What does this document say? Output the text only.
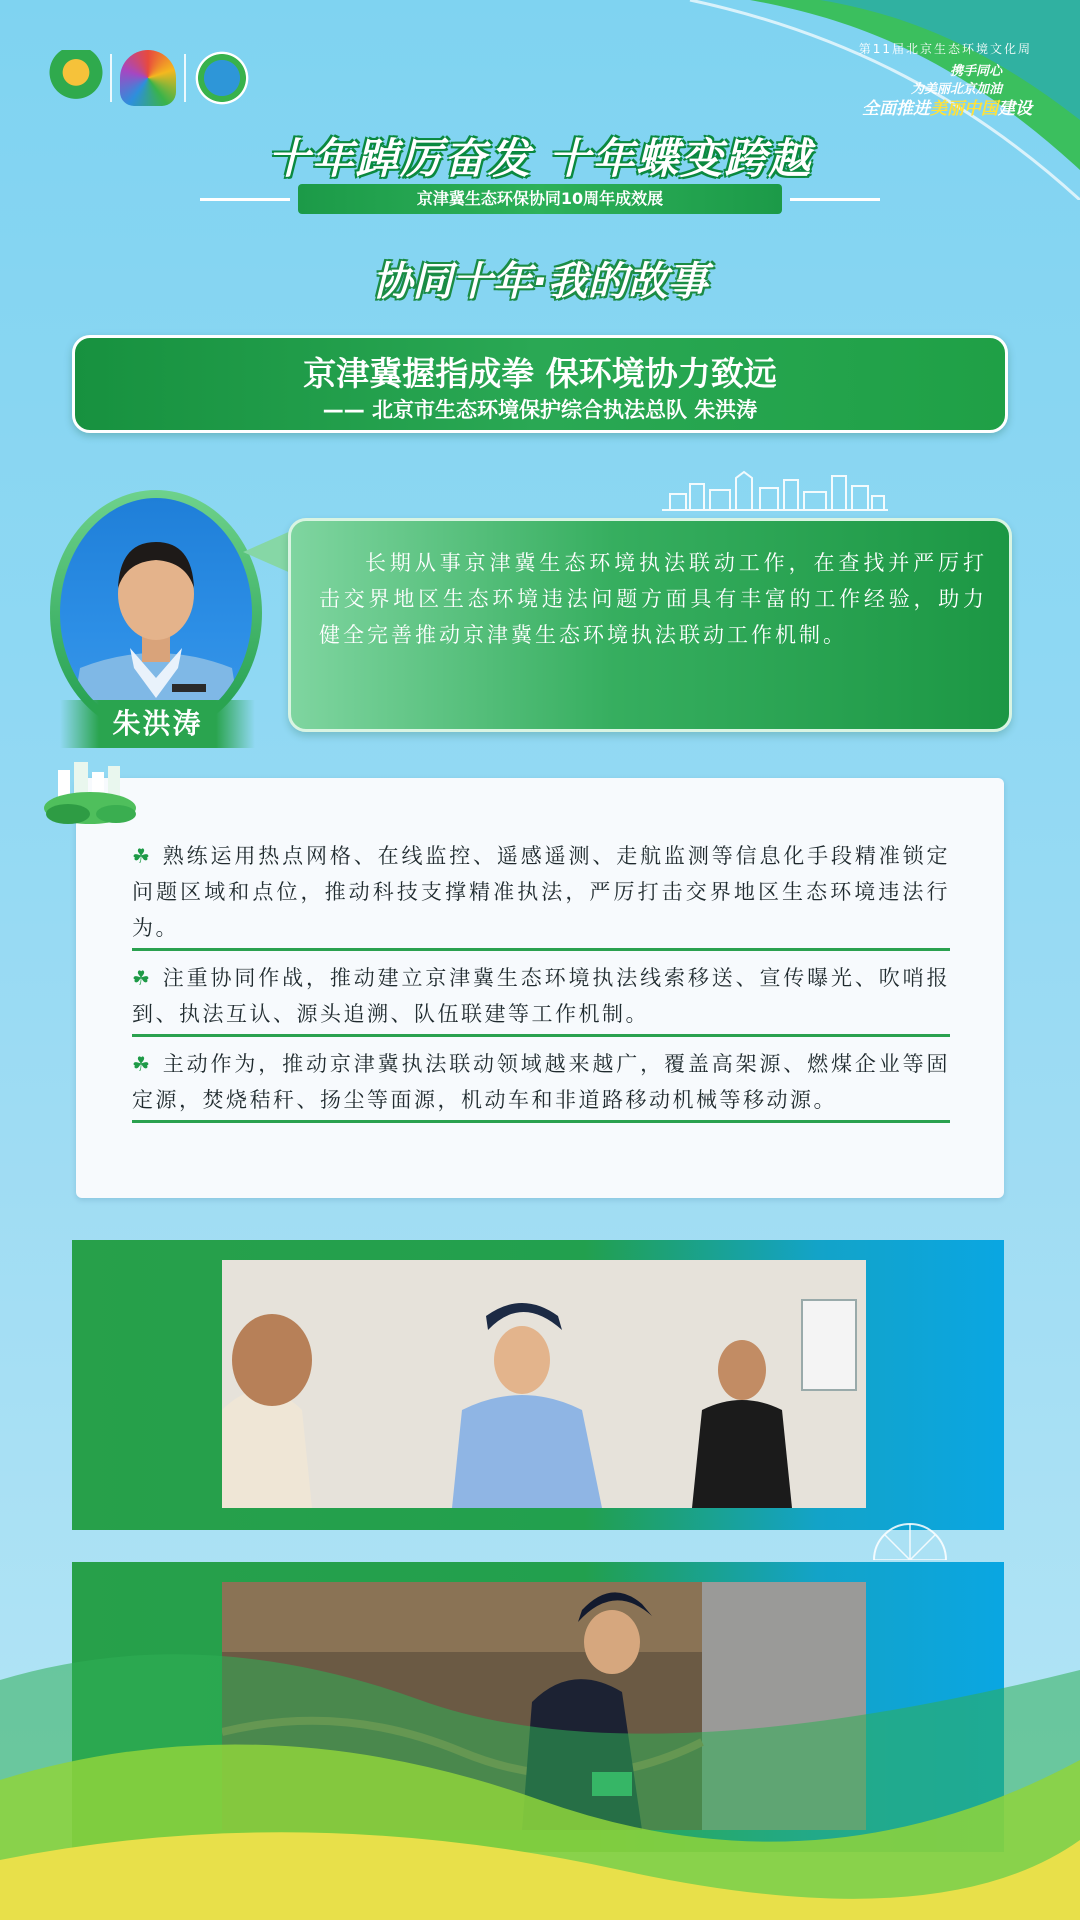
第11届北京生态环境文化周
携手同心
为美丽北京加油
全面推进美丽中国建设
十年踔厉奋发 十年蝶变跨越
京津冀生态环保协同10周年成效展
协同十年·我的故事
京津冀握指成拳 保环境协力致远
—— 北京市生态环境保护综合执法总队 朱洪涛
朱洪涛
长期从事京津冀生态环境执法联动工作，在查找并严厉打击交界地区生态环境违法问题方面具有丰富的工作经验，助力健全完善推动京津冀生态环境执法联动工作机制。
☘ 熟练运用热点网格、在线监控、遥感遥测、走航监测等信息化手段精准锁定问题区域和点位，推动科技支撑精准执法，严厉打击交界地区生态环境违法行为。
☘ 注重协同作战，推动建立京津冀生态环境执法线索移送、宣传曝光、吹哨报到、执法互认、源头追溯、队伍联建等工作机制。
☘ 主动作为，推动京津冀执法联动领域越来越广，覆盖高架源、燃煤企业等固定源，焚烧秸秆、扬尘等面源，机动车和非道路移动机械等移动源。
